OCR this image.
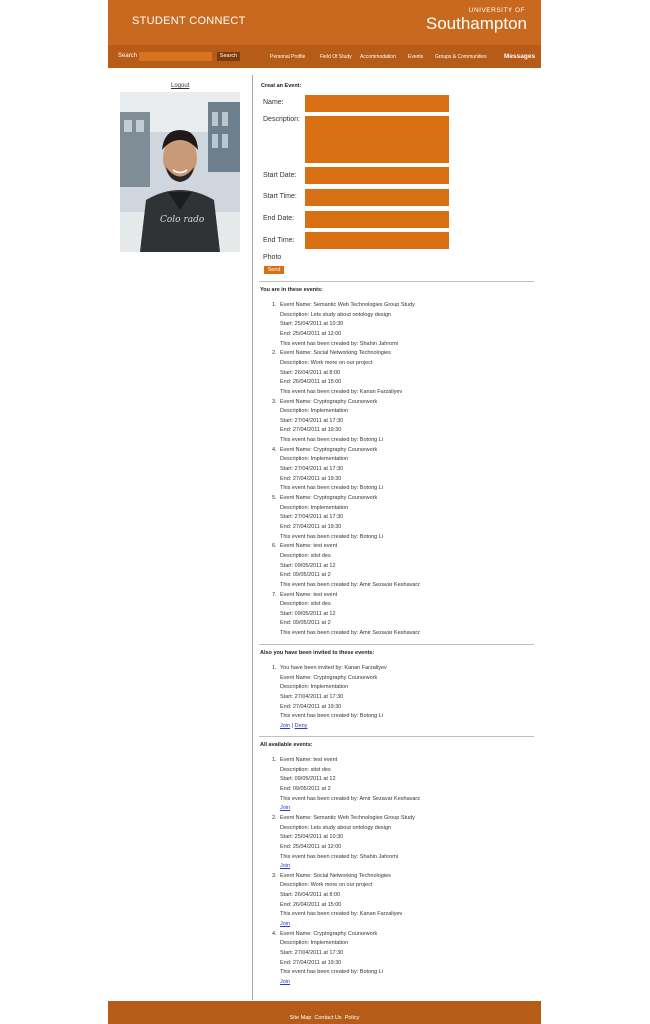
STUDENT CONNECT
UNIVERSITY OF
Southampton
Search	Search	Personal Profile	Field Of Study Accommodation Events Groups & Communities	Messages
Logout
Colo rado
Creat an Event:
Name:
Description:
Start Date:
Start Time:
End Date:
End Time:
Photo
Send
You are in these events:
1. Event Name: Semantic Web Technologies Group Study
Description: Lets study about ontology design
Start: 25/04/2011 at 10:30
End: 25/04/2011 at 12:00
This event has been created by: Shahin Jahromi
2. Event Name: Social Networking Technologies
Description: Work more on our project
Start: 26/04/2011 at 8:00
End: 26/04/2011 at 15:00
This event has been created by: Kanan Farzaliyev
3. Event Name: Cryptography Coursework
Description: Implementation
Start: 27/04/2011 at 17:30
End: 27/04/2011 at 19:30
This event has been created by: Botong Li
4. Event Name: Cryptography Coursework
Description: Implementation
Start: 27/04/2011 at 17:30
End: 27/04/2011 at 19:30
This event has been created by: Botong Li
5. Event Name: Cryptography Coursework
Description: Implementation
Start: 27/04/2011 at 17:30
End: 27/04/2011 at 19:30
This event has been created by: Botong Li
6. Event Name: test event
Description: sitst des
Start: 09/05/2011 at 12
End: 09/05/2011 at 2
This event has been created by: Amir Sezavar Keshavarz
7. Event Name: test event
Description: sitst des
Start: 09/05/2011 at 12
End: 09/05/2011 at 2
This event has been created by: Amir Sezavar Keshavarz
Also you have been invited to these events:
1. You have been invited by: Kanan Farzaliyev
Event Name: Cryptography Coursework
Description: Implementation
Start: 27/04/2011 at 17:30
End: 27/04/2011 at 19:30
This event has been created by: Botong Li
Join | Deny
All available events:
1. Event Name: test event
Description: sitst des
Start: 09/05/2011 at 12
End: 09/05/2011 at 2
This event has been created by: Amir Sezavar Keshavarz
Join
2. Event Name: Semantic Web Technologies Group Study
Description: Lets study about ontology design
Start: 25/04/2011 at 10:30
End: 25/04/2011 at 12:00
This event has been created by: Shahin Jahromi
Join
3. Event Name: Social Networking Technologies
Description: Work more on our project
Start: 26/04/2011 at 8:00
End: 26/04/2011 at 15:00
This event has been created by: Kanan Farzaliyev
Join
4. Event Name: Cryptography Coursework
Description: Implementation
Start: 27/04/2011 at 17:30
End: 27/04/2011 at 19:30
This event has been created by: Botong Li
Join
Site Map Contact Us Policy
